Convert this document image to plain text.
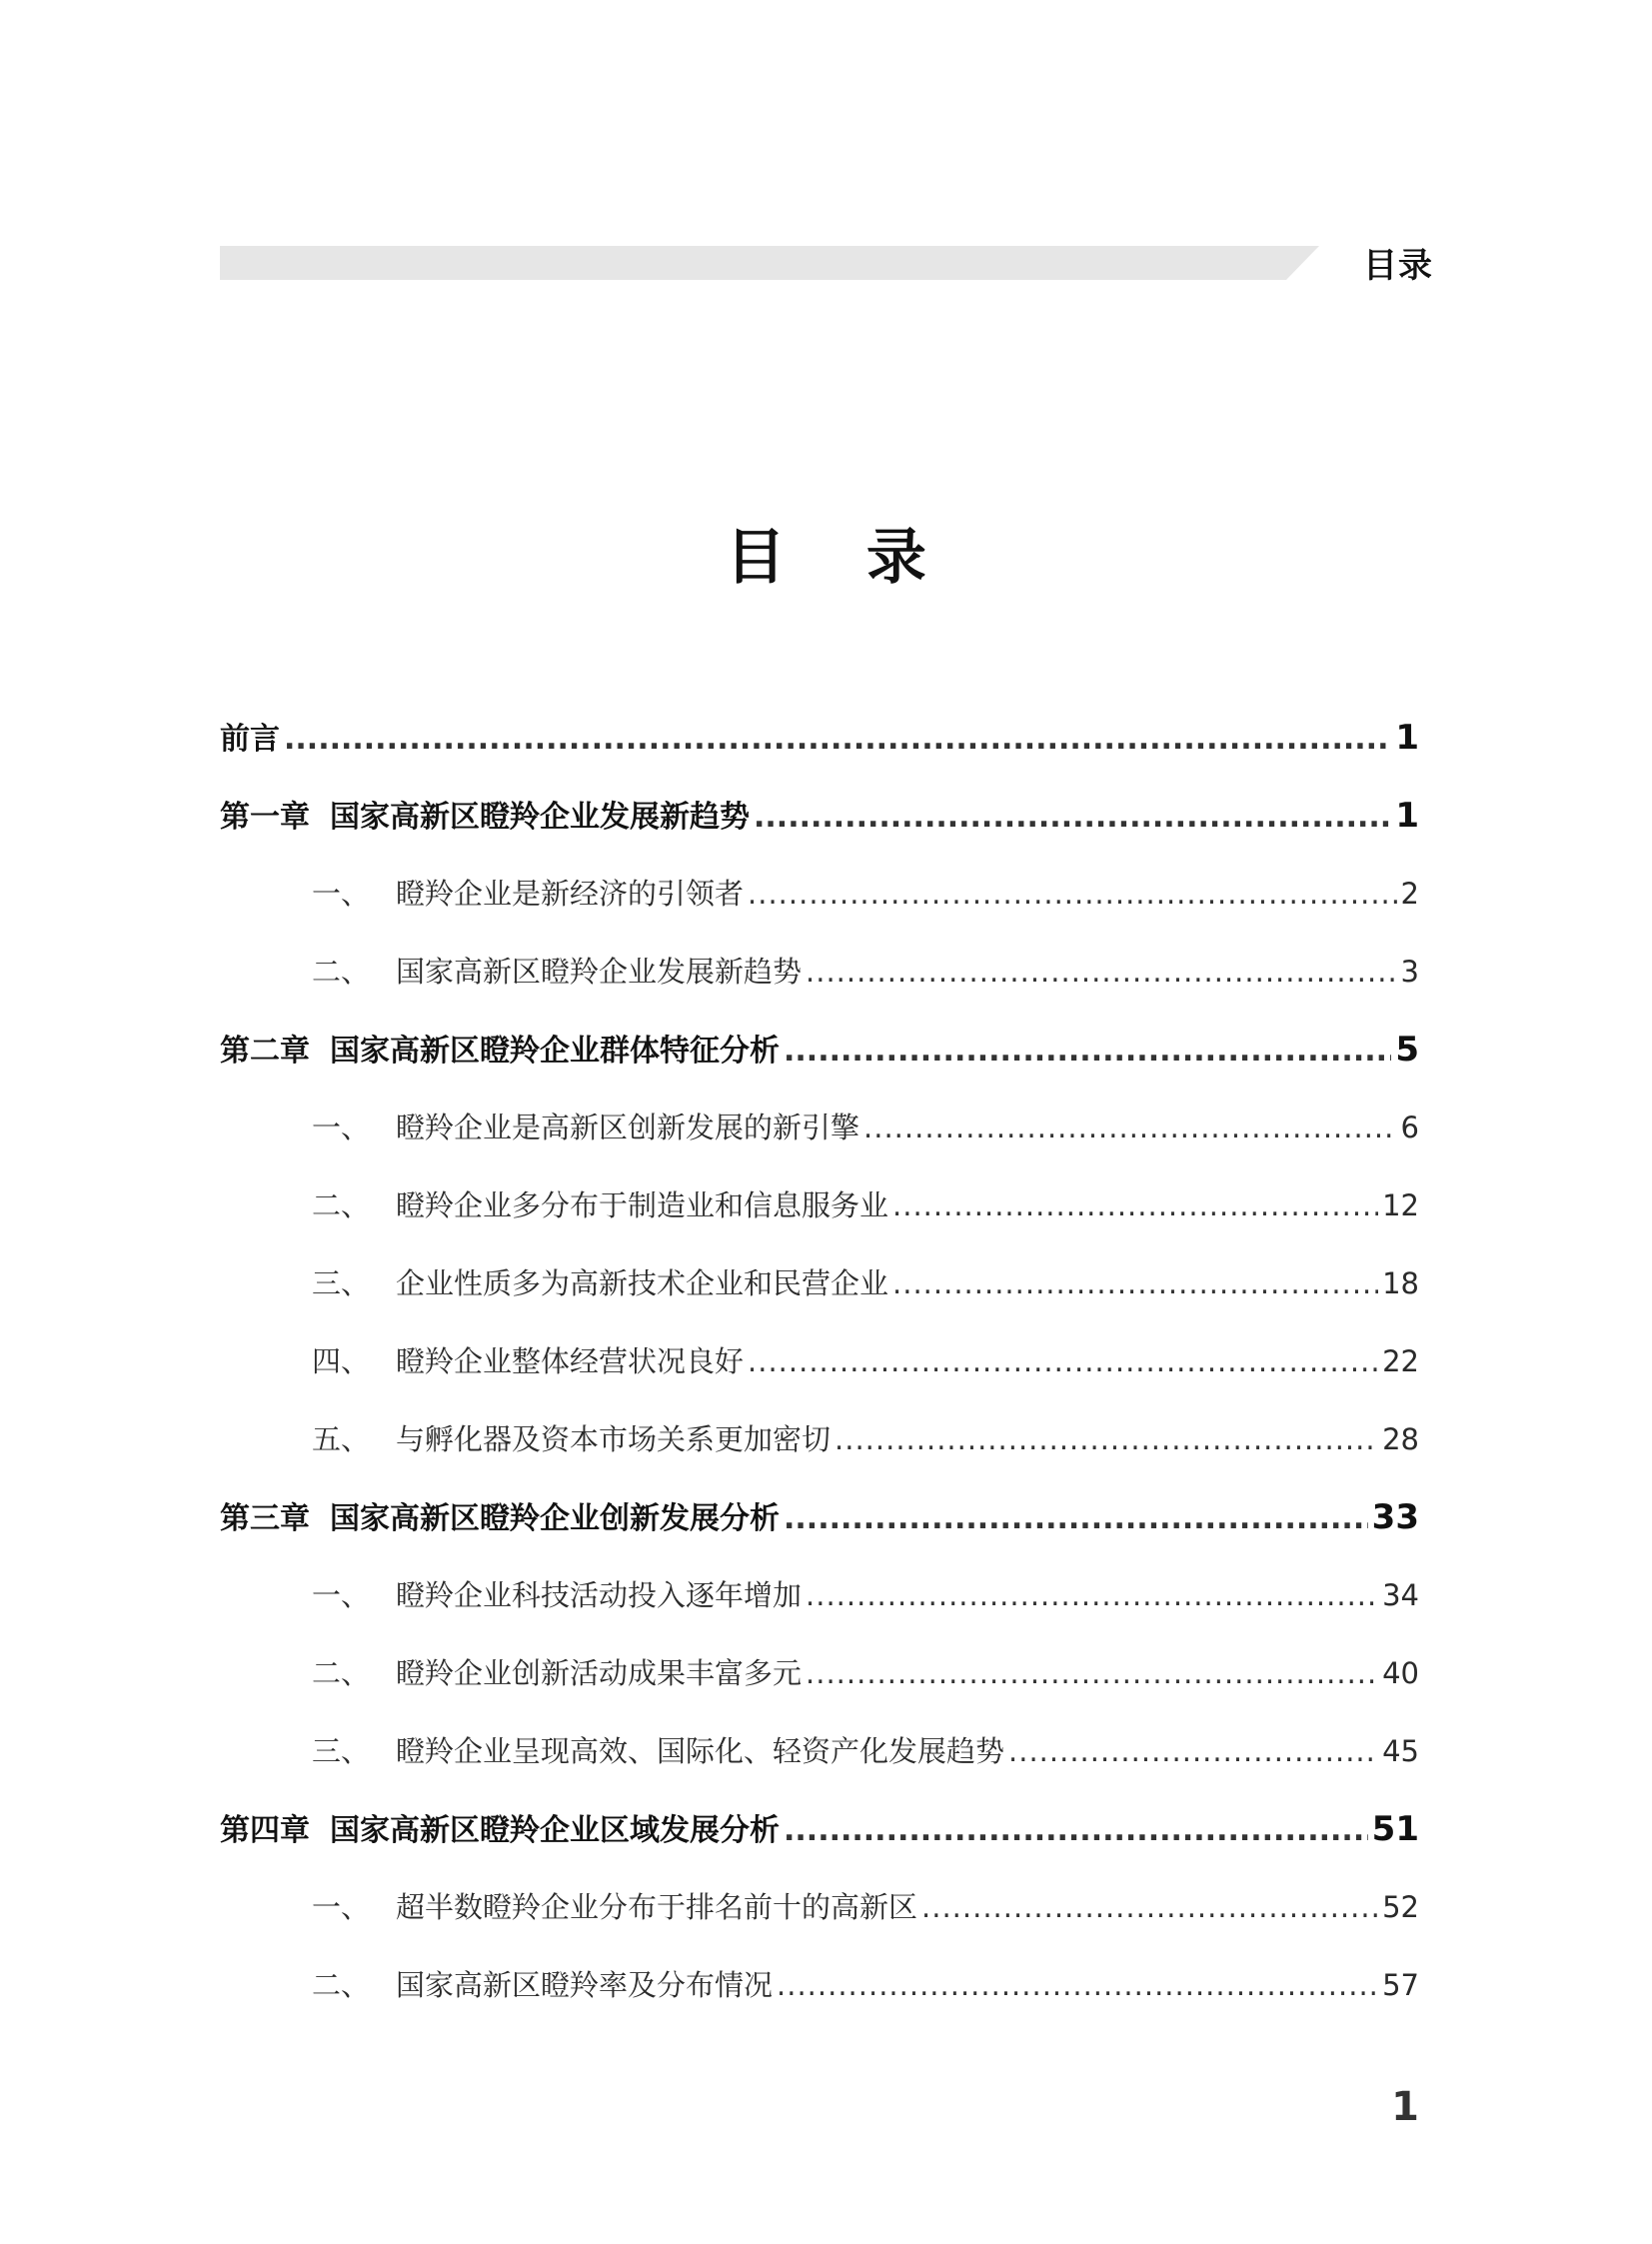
目录
目 录
前言 .....	1
第一章 国家高新区瞪羚企业发展新趋势 .....	1
一、 瞪羚企业是新经济的引领者 .....	2
二、 国家高新区瞪羚企业发展新趋势 .....	3
第二章 国家高新区瞪羚企业群体特征分析 .....	5
一、 瞪羚企业是高新区创新发展的新引擎 .....	6
二、 瞪羚企业多分布于制造业和信息服务业 .....	12
三、 企业性质多为高新技术企业和民营企业 .....	18
四、 瞪羚企业整体经营状况良好 .....	22
五、 与孵化器及资本市场关系更加密切 .....	28
第三章 国家高新区瞪羚企业创新发展分析 .....	33
一、 瞪羚企业科技活动投入逐年增加 .....	34
二、 瞪羚企业创新活动成果丰富多元 .....	40
三、 瞪羚企业呈现高效、国际化、轻资产化发展趋势 .....	45
第四章 国家高新区瞪羚企业区域发展分析 .....	51
一、 超半数瞪羚企业分布于排名前十的高新区 .....	52
二、 国家高新区瞪羚率及分布情况 .....	57
1
